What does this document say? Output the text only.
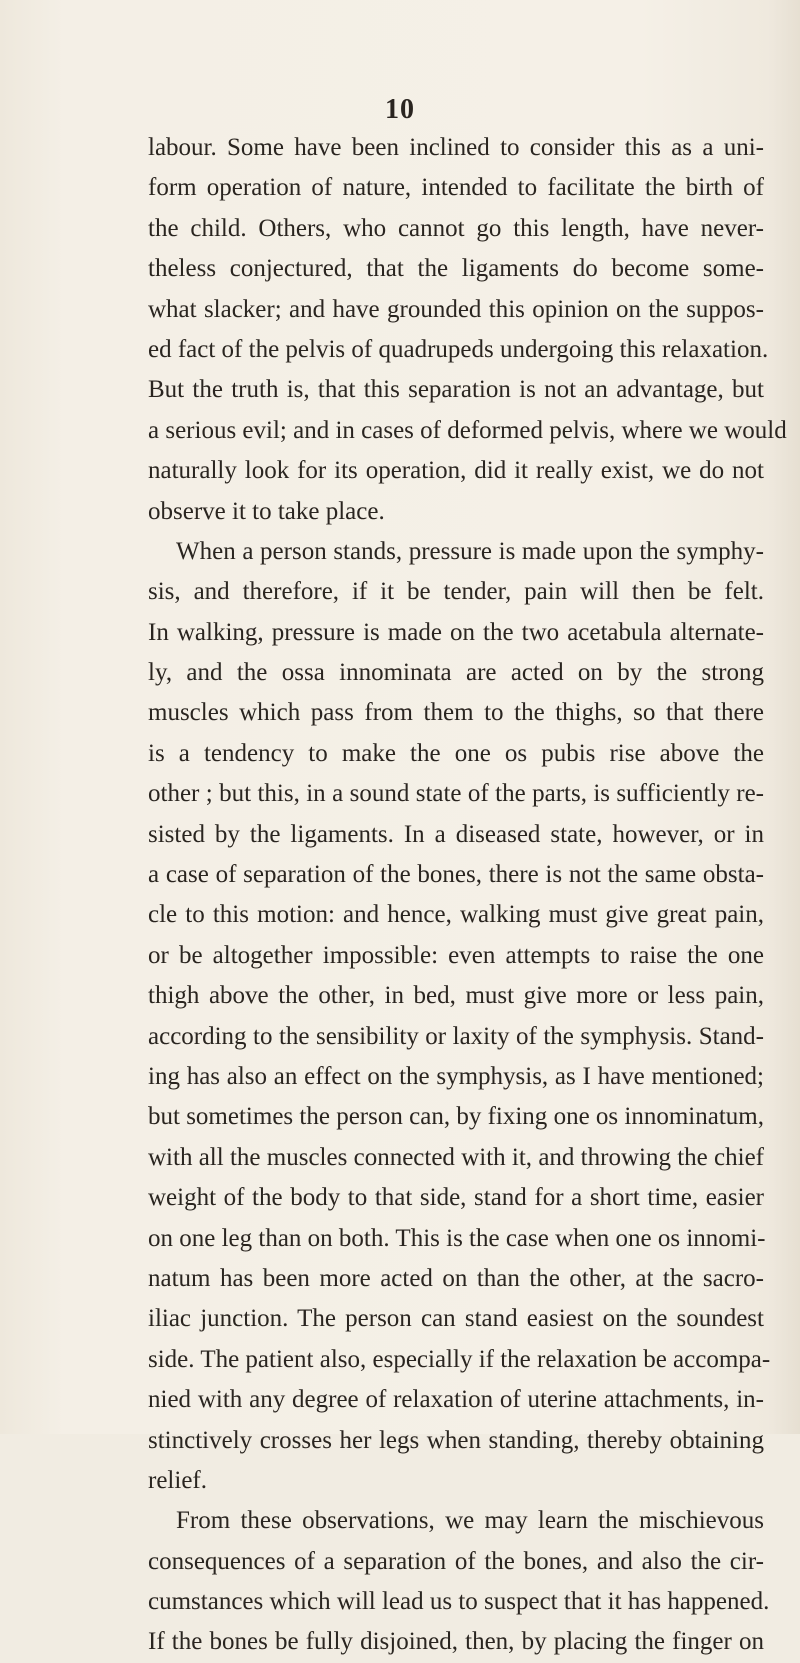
10
labour. Some have been inclined to consider this as a uni-
form operation of nature, intended to facilitate the birth of
the child. Others, who cannot go this length, have never-
theless conjectured, that the ligaments do become some-
what slacker; and have grounded this opinion on the suppos-
ed fact of the pelvis of quadrupeds undergoing this relaxation.
But the truth is, that this separation is not an advantage, but
a serious evil; and in cases of deformed pelvis, where we would
naturally look for its operation, did it really exist, we do not
observe it to take place.
When a person stands, pressure is made upon the symphy-
sis, and therefore, if it be tender, pain will then be felt.
In walking, pressure is made on the two acetabula alternate-
ly, and the ossa innominata are acted on by the strong
muscles which pass from them to the thighs, so that there
is a tendency to make the one os pubis rise above the
other ; but this, in a sound state of the parts, is sufficiently re-
sisted by the ligaments. In a diseased state, however, or in
a case of separation of the bones, there is not the same obsta-
cle to this motion: and hence, walking must give great pain,
or be altogether impossible: even attempts to raise the one
thigh above the other, in bed, must give more or less pain,
according to the sensibility or laxity of the symphysis. Stand-
ing has also an effect on the symphysis, as I have mentioned;
but sometimes the person can, by fixing one os innominatum,
with all the muscles connected with it, and throwing the chief
weight of the body to that side, stand for a short time, easier
on one leg than on both. This is the case when one os innomi-
natum has been more acted on than the other, at the sacro-
iliac junction. The person can stand easiest on the soundest
side. The patient also, especially if the relaxation be accompa-
nied with any degree of relaxation of uterine attachments, in-
stinctively crosses her legs when standing, thereby obtaining
relief.
From these observations, we may learn the mischievous
consequences of a separation of the bones, and also the cir-
cumstances which will lead us to suspect that it has happened.
If the bones be fully disjoined, then, by placing the finger on
